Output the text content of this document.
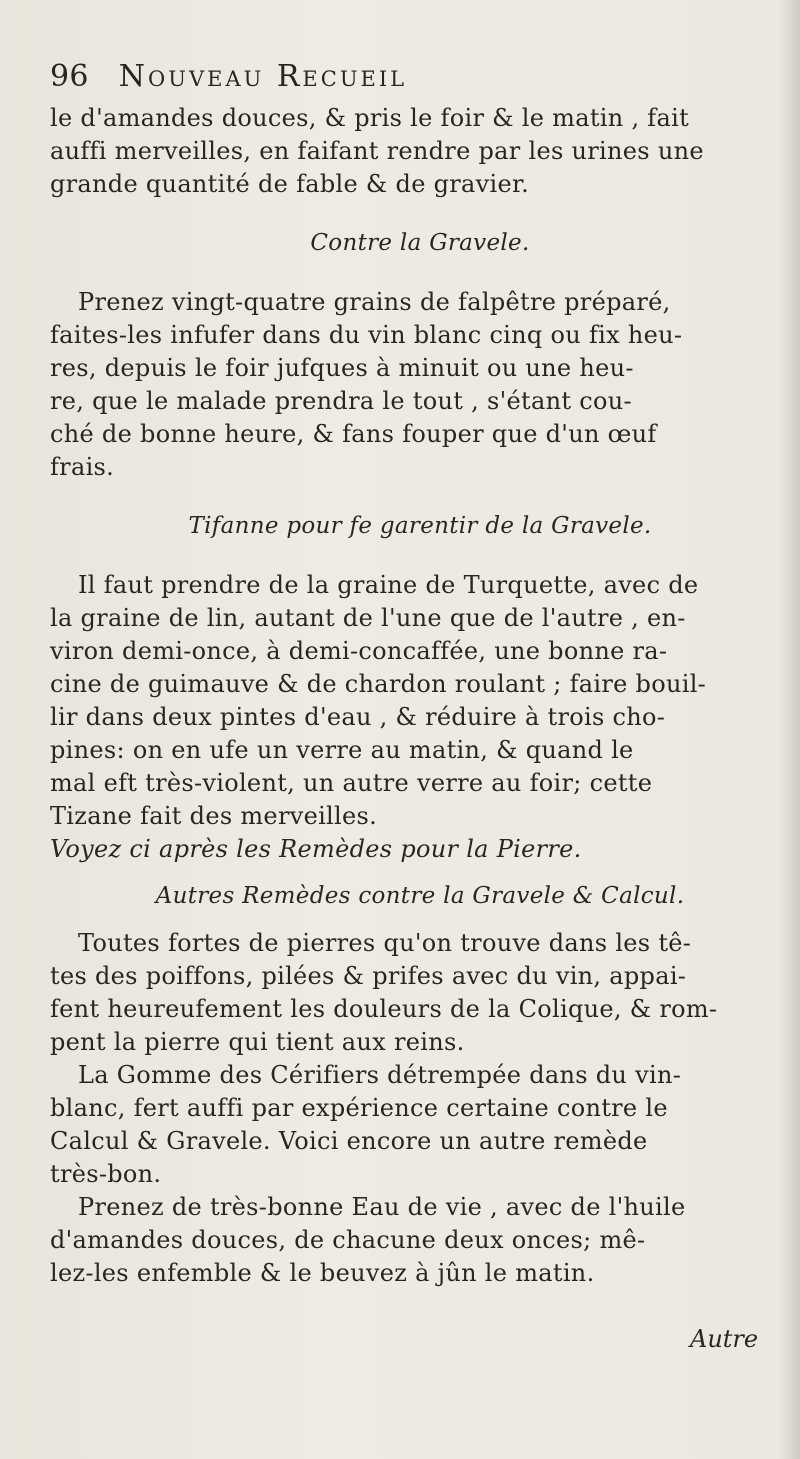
96 Nouveau Recueil
le d'amandes douces, & pris le foir & le matin , fait
auffi merveilles, en faifant rendre par les urines une
grande quantité de fable & de gravier.
Contre la Gravele.
Prenez vingt-quatre grains de falpêtre préparé,
faites-les infufer dans du vin blanc cinq ou fix heu-
res, depuis le foir jufques à minuit ou une heu-
re, que le malade prendra le tout , s'étant cou-
ché de bonne heure, & fans fouper que d'un œuf
frais.
Tifanne pour fe garentir de la Gravele.
Il faut prendre de la graine de Turquette, avec de
la graine de lin, autant de l'une que de l'autre , en-
viron demi-once, à demi-concaffée, une bonne ra-
cine de guimauve & de chardon roulant ; faire bouil-
lir dans deux pintes d'eau , & réduire à trois cho-
pines: on en ufe un verre au matin, & quand le
mal eft très-violent, un autre verre au foir; cette
Tizane fait des merveilles.
Voyez ci après les Remèdes pour la Pierre.
Autres Remèdes contre la Gravele & Calcul.
Toutes fortes de pierres qu'on trouve dans les tê-
tes des poiffons, pilées & prifes avec du vin, appai-
fent heureufement les douleurs de la Colique, & rom-
pent la pierre qui tient aux reins.
La Gomme des Cérifiers détrempée dans du vin-
blanc, fert auffi par expérience certaine contre le
Calcul & Gravele. Voici encore un autre remède
très-bon.
Prenez de très-bonne Eau de vie , avec de l'huile
d'amandes douces, de chacune deux onces; mê-
lez-les enfemble & le beuvez à jûn le matin.
Autre
